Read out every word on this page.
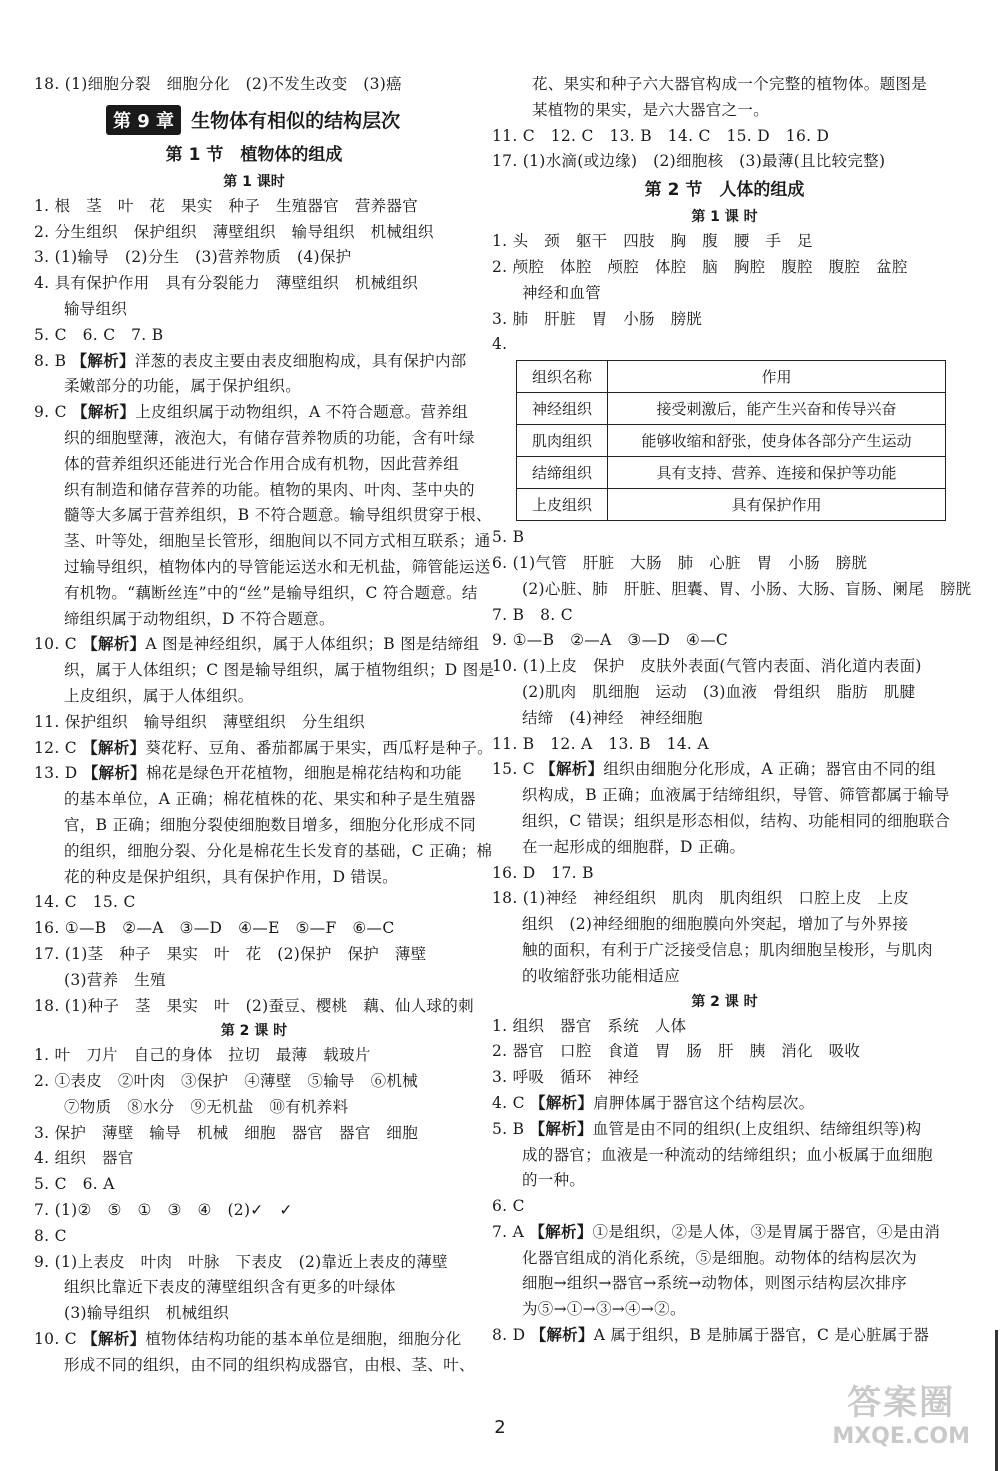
18. (1)细胞分裂　细胞分化　(2)不发生改变　(3)癌
第 9 章 生物体有相似的结构层次
第 1 节　植物体的组成
第 1 课时
1. 根　茎　叶　花　果实　种子　生殖器官　营养器官
2. 分生组织　保护组织　薄壁组织　输导组织　机械组织
3. (1)输导　(2)分生　(3)营养物质　(4)保护
4. 具有保护作用　具有分裂能力　薄壁组织　机械组织
输导组织
5. C　6. C　7. B
8. B 【解析】洋葱的表皮主要由表皮细胞构成，具有保护内部
柔嫩部分的功能，属于保护组织。
9. C 【解析】上皮组织属于动物组织，A 不符合题意。营养组
织的细胞壁薄，液泡大，有储存营养物质的功能，含有叶绿
体的营养组织还能进行光合作用合成有机物，因此营养组
织有制造和储存营养的功能。植物的果肉、叶肉、茎中央的
髓等大多属于营养组织，B 不符合题意。输导组织贯穿于根、
茎、叶等处，细胞呈长管形，细胞间以不同方式相互联系；通
过输导组织，植物体内的导管能运送水和无机盐，筛管能运送
有机物。“藕断丝连”中的“丝”是输导组织，C 符合题意。结
缔组织属于动物组织，D 不符合题意。
10. C 【解析】A 图是神经组织，属于人体组织；B 图是结缔组
织，属于人体组织；C 图是输导组织，属于植物组织；D 图是
上皮组织，属于人体组织。
11. 保护组织　输导组织　薄壁组织　分生组织
12. C 【解析】葵花籽、豆角、番茄都属于果实，西瓜籽是种子。
13. D 【解析】棉花是绿色开花植物，细胞是棉花结构和功能
的基本单位，A 正确；棉花植株的花、果实和种子是生殖器
官，B 正确；细胞分裂使细胞数目增多，细胞分化形成不同
的组织，细胞分裂、分化是棉花生长发育的基础，C 正确；棉
花的种皮是保护组织，具有保护作用，D 错误。
14. C　15. C
16. ①—B　②—A　③—D　④—E　⑤—F　⑥—C
17. (1)茎　种子　果实　叶　花　(2)保护　保护　薄壁
(3)营养　生殖
18. (1)种子　茎　果实　叶　(2)蚕豆、樱桃　藕、仙人球的刺
第 2 课 时
1. 叶　刀片　自己的身体　拉切　最薄　载玻片
2. ①表皮　②叶肉　③保护　④薄壁　⑤输导　⑥机械
⑦物质　⑧水分　⑨无机盐　⑩有机养料
3. 保护　薄壁　输导　机械　细胞　器官　器官　细胞
4. 组织　器官
5. C　6. A
7. (1)②　⑤　①　③　④　(2)✓　✓
8. C
9. (1)上表皮　叶肉　叶脉　下表皮　(2)靠近上表皮的薄壁
组织比靠近下表皮的薄壁组织含有更多的叶绿体
(3)输导组织　机械组织
10. C 【解析】植物体结构功能的基本单位是细胞，细胞分化
形成不同的组织，由不同的组织构成器官，由根、茎、叶、
花、果实和种子六大器官构成一个完整的植物体。题图是
某植物的果实，是六大器官之一。
11. C　12. C　13. B　14. C　15. D　16. D
17. (1)水滴(或边缘)　(2)细胞核　(3)最薄(且比较完整)
第 2 节　人体的组成
第 1 课 时
1. 头　颈　躯干　四肢　胸　腹　腰　手　足
2. 颅腔　体腔　颅腔　体腔　脑　胸腔　腹腔　腹腔　盆腔
神经和血管
3. 肺　肝脏　胃　小肠　膀胱
4.
组织名称	作用
神经组织	接受刺激后，能产生兴奋和传导兴奋
肌肉组织	能够收缩和舒张，使身体各部分产生运动
结缔组织	具有支持、营养、连接和保护等功能
上皮组织	具有保护作用
5. B
6. (1)气管　肝脏　大肠　肺　心脏　胃　小肠　膀胱
(2)心脏、肺　肝脏、胆囊、胃、小肠、大肠、盲肠、阑尾　膀胱
7. B　8. C
9. ①—B　②—A　③—D　④—C
10. (1)上皮　保护　皮肤外表面(气管内表面、消化道内表面)
(2)肌肉　肌细胞　运动　(3)血液　骨组织　脂肪　肌腱
结缔　(4)神经　神经细胞
11. B　12. A　13. B　14. A
15. C 【解析】组织由细胞分化形成，A 正确；器官由不同的组
织构成，B 正确；血液属于结缔组织，导管、筛管都属于输导
组织，C 错误；组织是形态相似，结构、功能相同的细胞联合
在一起形成的细胞群，D 正确。
16. D　17. B
18. (1)神经　神经组织　肌肉　肌肉组织　口腔上皮　上皮
组织　(2)神经细胞的细胞膜向外突起，增加了与外界接
触的面积，有利于广泛接受信息；肌肉细胞呈梭形，与肌肉
的收缩舒张功能相适应
第 2 课 时
1. 组织　器官　系统　人体
2. 器官　口腔　食道　胃　肠　肝　胰　消化　吸收
3. 呼吸　循环　神经
4. C 【解析】肩胛体属于器官这个结构层次。
5. B 【解析】血管是由不同的组织(上皮组织、结缔组织等)构
成的器官；血液是一种流动的结缔组织；血小板属于血细胞
的一种。
6. C
7. A 【解析】①是组织，②是人体，③是胃属于器官，④是由消
化器官组成的消化系统，⑤是细胞。动物体的结构层次为
细胞→组织→器官→系统→动物体，则图示结构层次排序
为⑤→①→③→④→②。
8. D 【解析】A 属于组织，B 是肺属于器官，C 是心脏属于器
2
答案圈
MXQE.COM
